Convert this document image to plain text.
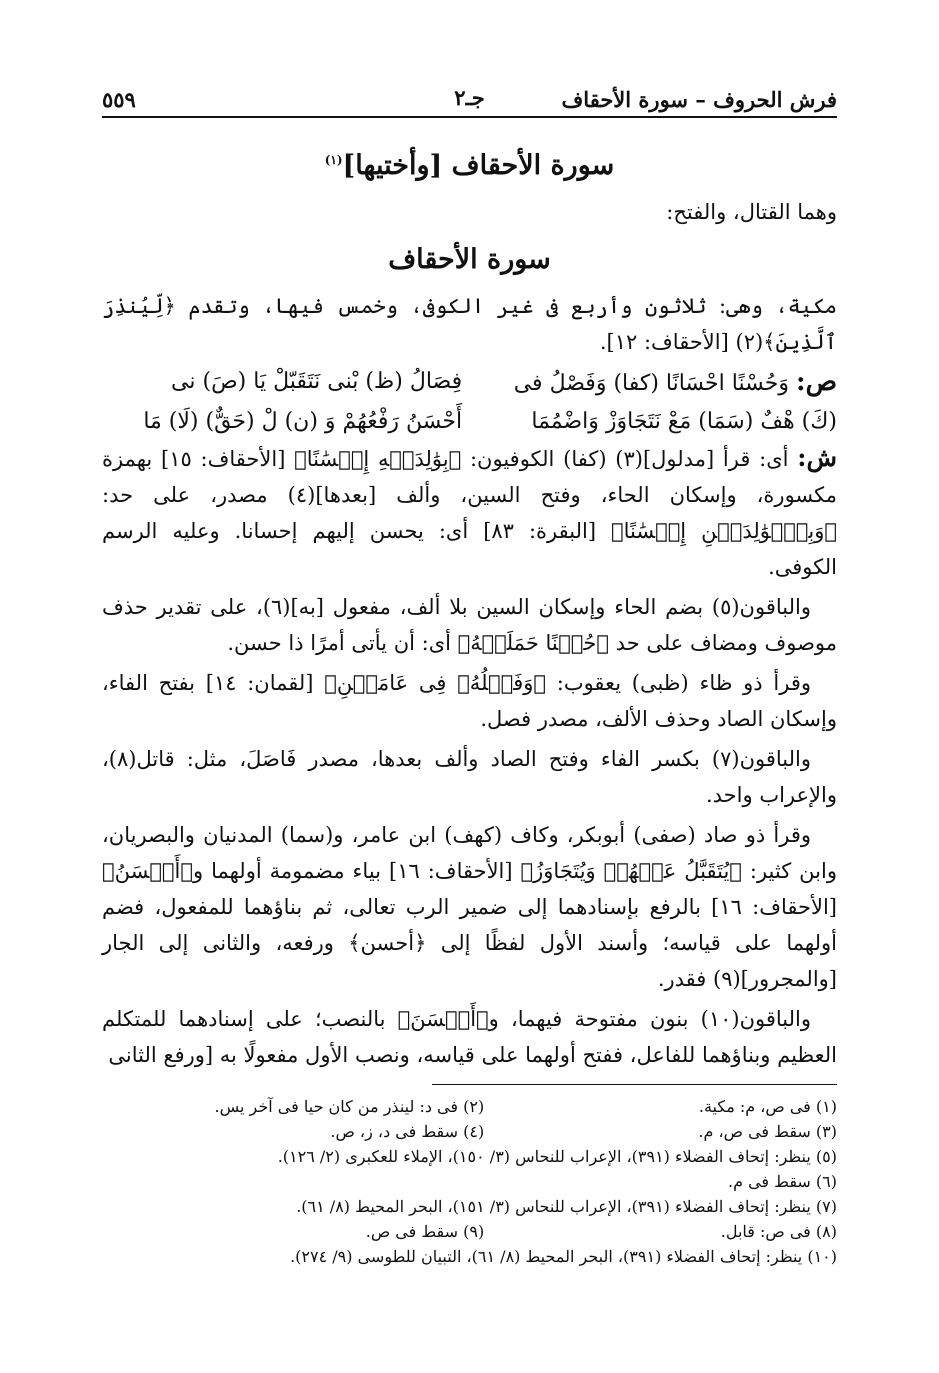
فرش الحروف – سورة الأحقاف
جـ٢
٥٥٩
سورة الأحقاف [وأختيها]$^{(١)}$

وهما القتال، والفتح:

سورة الأحقاف

مكية، وهى: ثلاثون وأربع فى غير الكوفى، وخمس فيها، وتقدم ﴿لِّيُنذِرَ ٱلَّذِينَ﴾(٢) [الأحقاف: ١٢].

ص: وَحُسْنًا احْسَانًا (كفا) وَفَصْلُ فى
فِصَالُ (ظ) بْنى نَتَقَبّلْ يَا (صَ) نى
(كَ) هْفٌ (سَمَا) مَعْ نَتَجَاوَزْ وَاضْمُمَا
أَحْسَنُ رَفْعُهُمْ وَ (ن) لْ (حَقٌّ) (لَا) مَا

ش: أى: قرأ [مدلول](٣) (كفا) الكوفيون: ﴿بِوَٰلِدَيۡهِ إِحۡسَٰنًا﴾ [الأحقاف: ١٥] بهمزة مكسورة، وإسكان الحاء، وفتح السين، وألف [بعدها](٤) مصدر، على حد: ﴿وَبِٱلۡوَٰلِدَيۡنِ إِحۡسَٰنًا﴾ [البقرة: ٨٣] أى: يحسن إليهم إحسانا. وعليه الرسم الكوفى.

والباقون(٥) بضم الحاء وإسكان السين بلا ألف، مفعول [به](٦)، على تقدير حذف موصوف ومضاف على حد ﴿حُسۡنًا حَمَلَتۡهُ﴾ أى: أن يأتى أمرًا ذا حسن.

وقرأ ذو ظاء (ظبى) يعقوب: ﴿وَفَصۡلُهُۥ فِى عَامَيۡنِ﴾ [لقمان: ١٤] بفتح الفاء، وإسكان الصاد وحذف الألف، مصدر فصل.

والباقون(٧) بكسر الفاء وفتح الصاد وألف بعدها، مصدر فَاصَلَ، مثل: قاتل(٨)، والإعراب واحد.

وقرأ ذو صاد (صفى) أبوبكر، وكاف (كهف) ابن عامر، و(سما) المدنيان والبصريان، وابن كثير: ﴿يُتَقَبَّلُ عَنۡهُمۡ وَيُتَجَاوَزُ﴾ [الأحقاف: ١٦] بياء مضمومة أولهما و﴿أَحۡسَنُ﴾ [الأحقاف: ١٦] بالرفع بإسنادهما إلى ضمير الرب تعالى، ثم بناؤهما للمفعول، فضم أولهما على قياسه؛ وأسند الأول لفظًا إلى ﴿أحسن﴾ ورفعه، والثانى إلى الجار [والمجرور](٩) فقدر.

والباقون(١٠) بنون مفتوحة فيهما، و﴿أَحۡسَنَ﴾ بالنصب؛ على إسنادهما للمتكلم العظيم وبناؤهما للفاعل، ففتح أولهما على قياسه، ونصب الأول مفعولًا به [ورفع الثانى

(١) فى ص، م: مكية.
(٢) فى د: لينذر من كان حيا فى آخر يس.
(٣) سقط فى ص، م.
(٤) سقط فى د، ز، ص.
(٥) ينظر: إتحاف الفضلاء (٣٩١)، الإعراب للنحاس (٣/ ١٥٠)، الإملاء للعكبرى (٢/ ١٢٦).
(٦) سقط فى م.
(٧) ينظر: إتحاف الفضلاء (٣٩١)، الإعراب للنحاس (٣/ ١٥١)، البحر المحيط (٨/ ٦١).
(٨) فى ص: قابل.
(٩) سقط فى ص.
(١٠) ينظر: إتحاف الفضلاء (٣٩١)، البحر المحيط (٨/ ٦١)، التبيان للطوسى (٩/ ٢٧٤).
